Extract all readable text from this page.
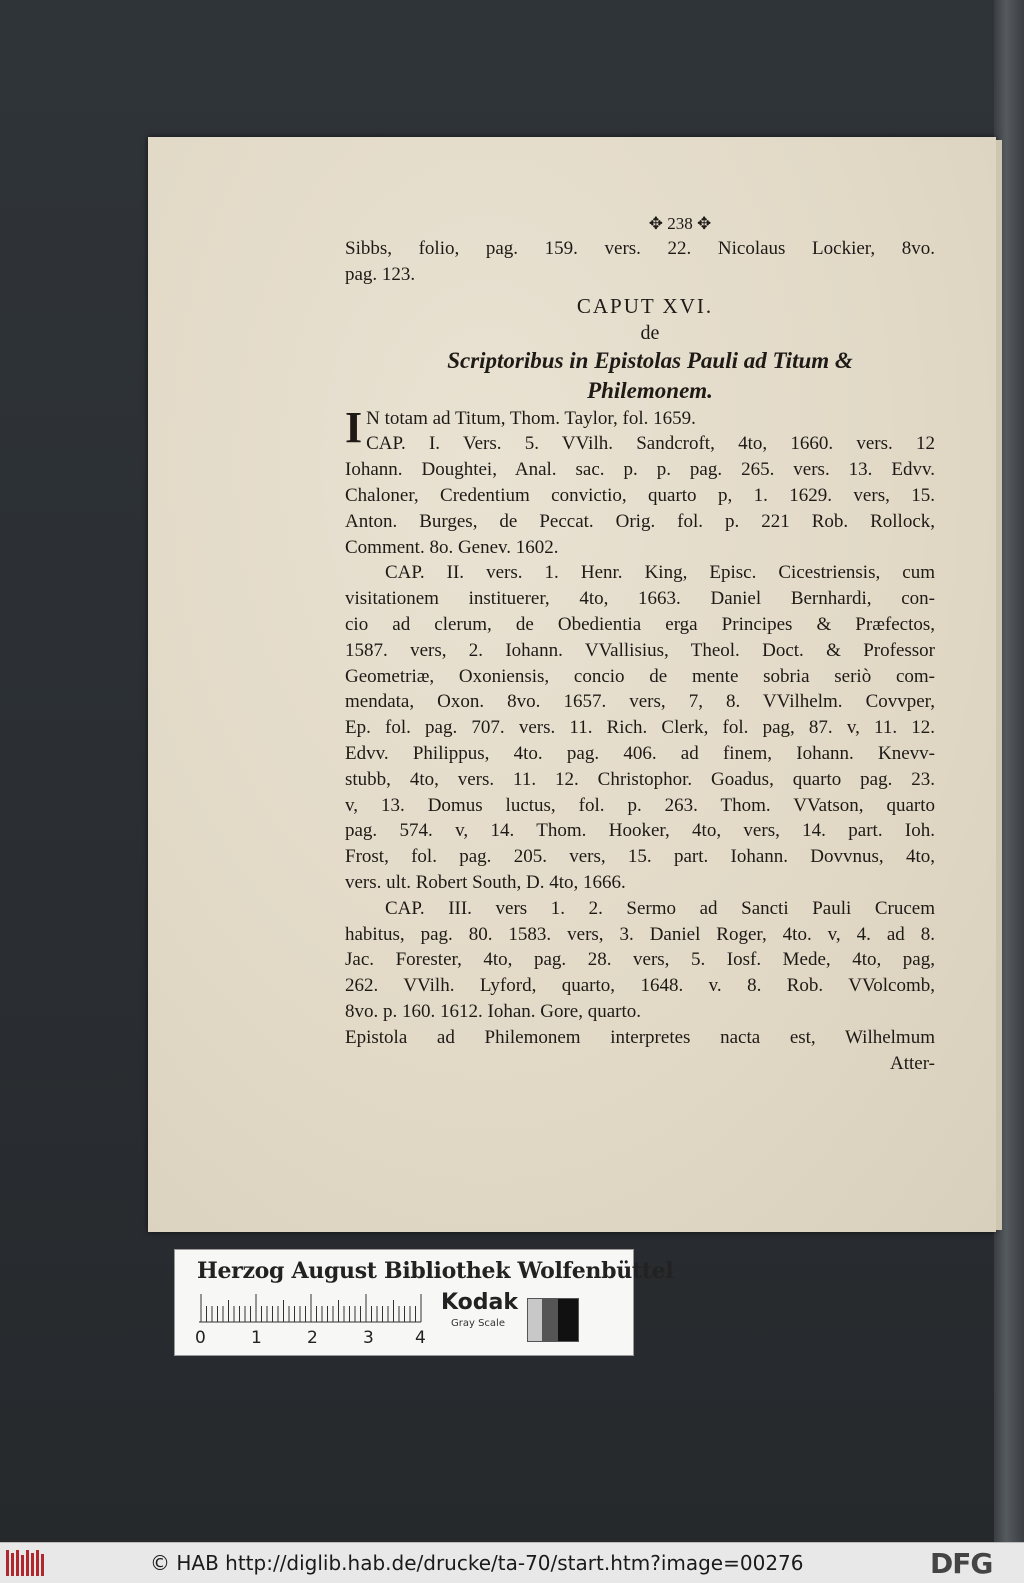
✥ 238 ✥
Sibbs, folio, pag. 159. vers. 22. Nicolaus Lockier, 8vo.
pag. 123.
CAPUT XVI.
de
Scriptoribus in Epistolas Pauli ad Titum &
Philemonem.
I N totam ad Titum, Thom. Taylor, fol. 1659.
CAP. I. Vers. 5. VVilh. Sandcroft, 4to, 1660. vers. 12
Iohann. Doughtei, Anal. sac. p. p. pag. 265. vers. 13. Edvv.
Chaloner, Credentium convictio, quarto p, 1. 1629. vers, 15.
Anton. Burges, de Peccat. Orig. fol. p. 221 Rob. Rollock,
Comment. 8o. Genev. 1602.
CAP. II. vers. 1. Henr. King, Episc. Cicestriensis, cum
visitationem instituerer, 4to, 1663. Daniel Bernhardi, con-
cio ad clerum, de Obedientia erga Principes & Præfectos,
1587. vers, 2. Iohann. VVallisius, Theol. Doct. & Professor
Geometriæ, Oxoniensis, concio de mente sobria seriò com-
mendata, Oxon. 8vo. 1657. vers, 7, 8. VVilhelm. Covvper,
Ep. fol. pag. 707. vers. 11. Rich. Clerk, fol. pag, 87. v, 11. 12.
Edvv. Philippus, 4to. pag. 406. ad finem, Iohann. Knevv-
stubb, 4to, vers. 11. 12. Christophor. Goadus, quarto pag. 23.
v, 13. Domus luctus, fol. p. 263. Thom. VVatson, quarto
pag. 574. v, 14. Thom. Hooker, 4to, vers, 14. part. Ioh.
Frost, fol. pag. 205. vers, 15. part. Iohann. Dovvnus, 4to,
vers. ult. Robert South, D. 4to, 1666.
CAP. III. vers 1. 2. Sermo ad Sancti Pauli Crucem
habitus, pag. 80. 1583. vers, 3. Daniel Roger, 4to. v, 4. ad 8.
Jac. Forester, 4to, pag. 28. vers, 5. Iosf. Mede, 4to, pag,
262. VVilh. Lyford, quarto, 1648. v. 8. Rob. VVolcomb,
8vo. p. 160. 1612. Iohan. Gore, quarto.
Epistola ad Philemonem interpretes nacta est, Wilhelmum
Atter-
Herzog August Bibliothek Wolfenbüttel
0	1	2	3 4
Kodak
Gray Scale
© HAB http://diglib.hab.de/drucke/ta-70/start.htm?image=00276	DFG
